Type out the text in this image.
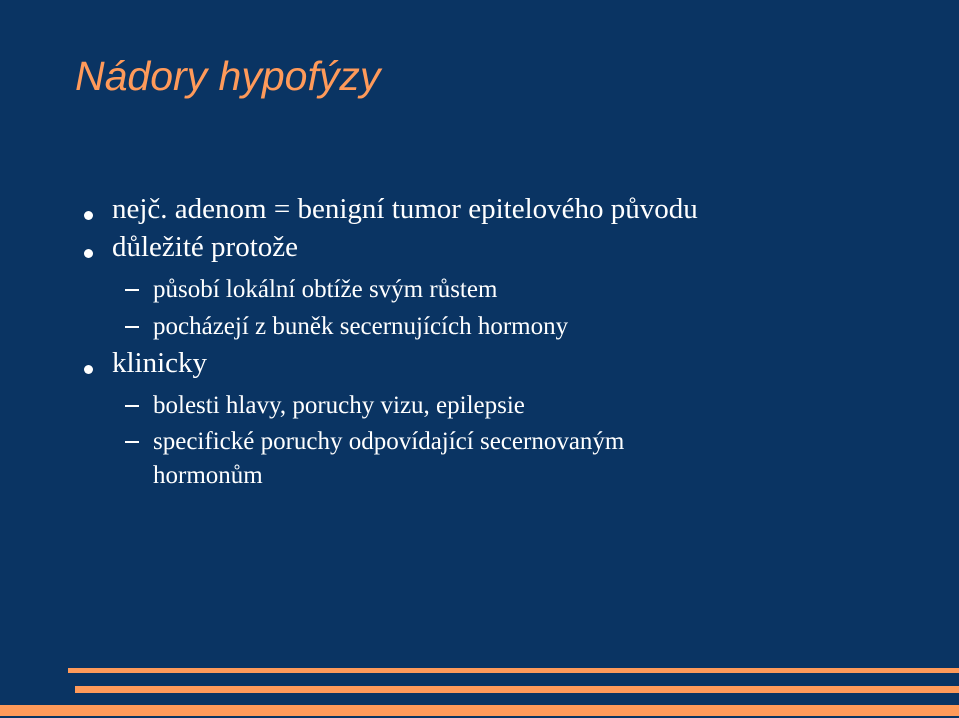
Nádory hypofýzy
nejč. adenom = benigní tumor epitelového původu
důležité protože
působí lokální obtíže svým růstem
pocházejí z buněk secernujících hormony
klinicky
bolesti hlavy, poruchy vizu, epilepsie
specifické poruchy odpovídající secernovaným
hormonům
